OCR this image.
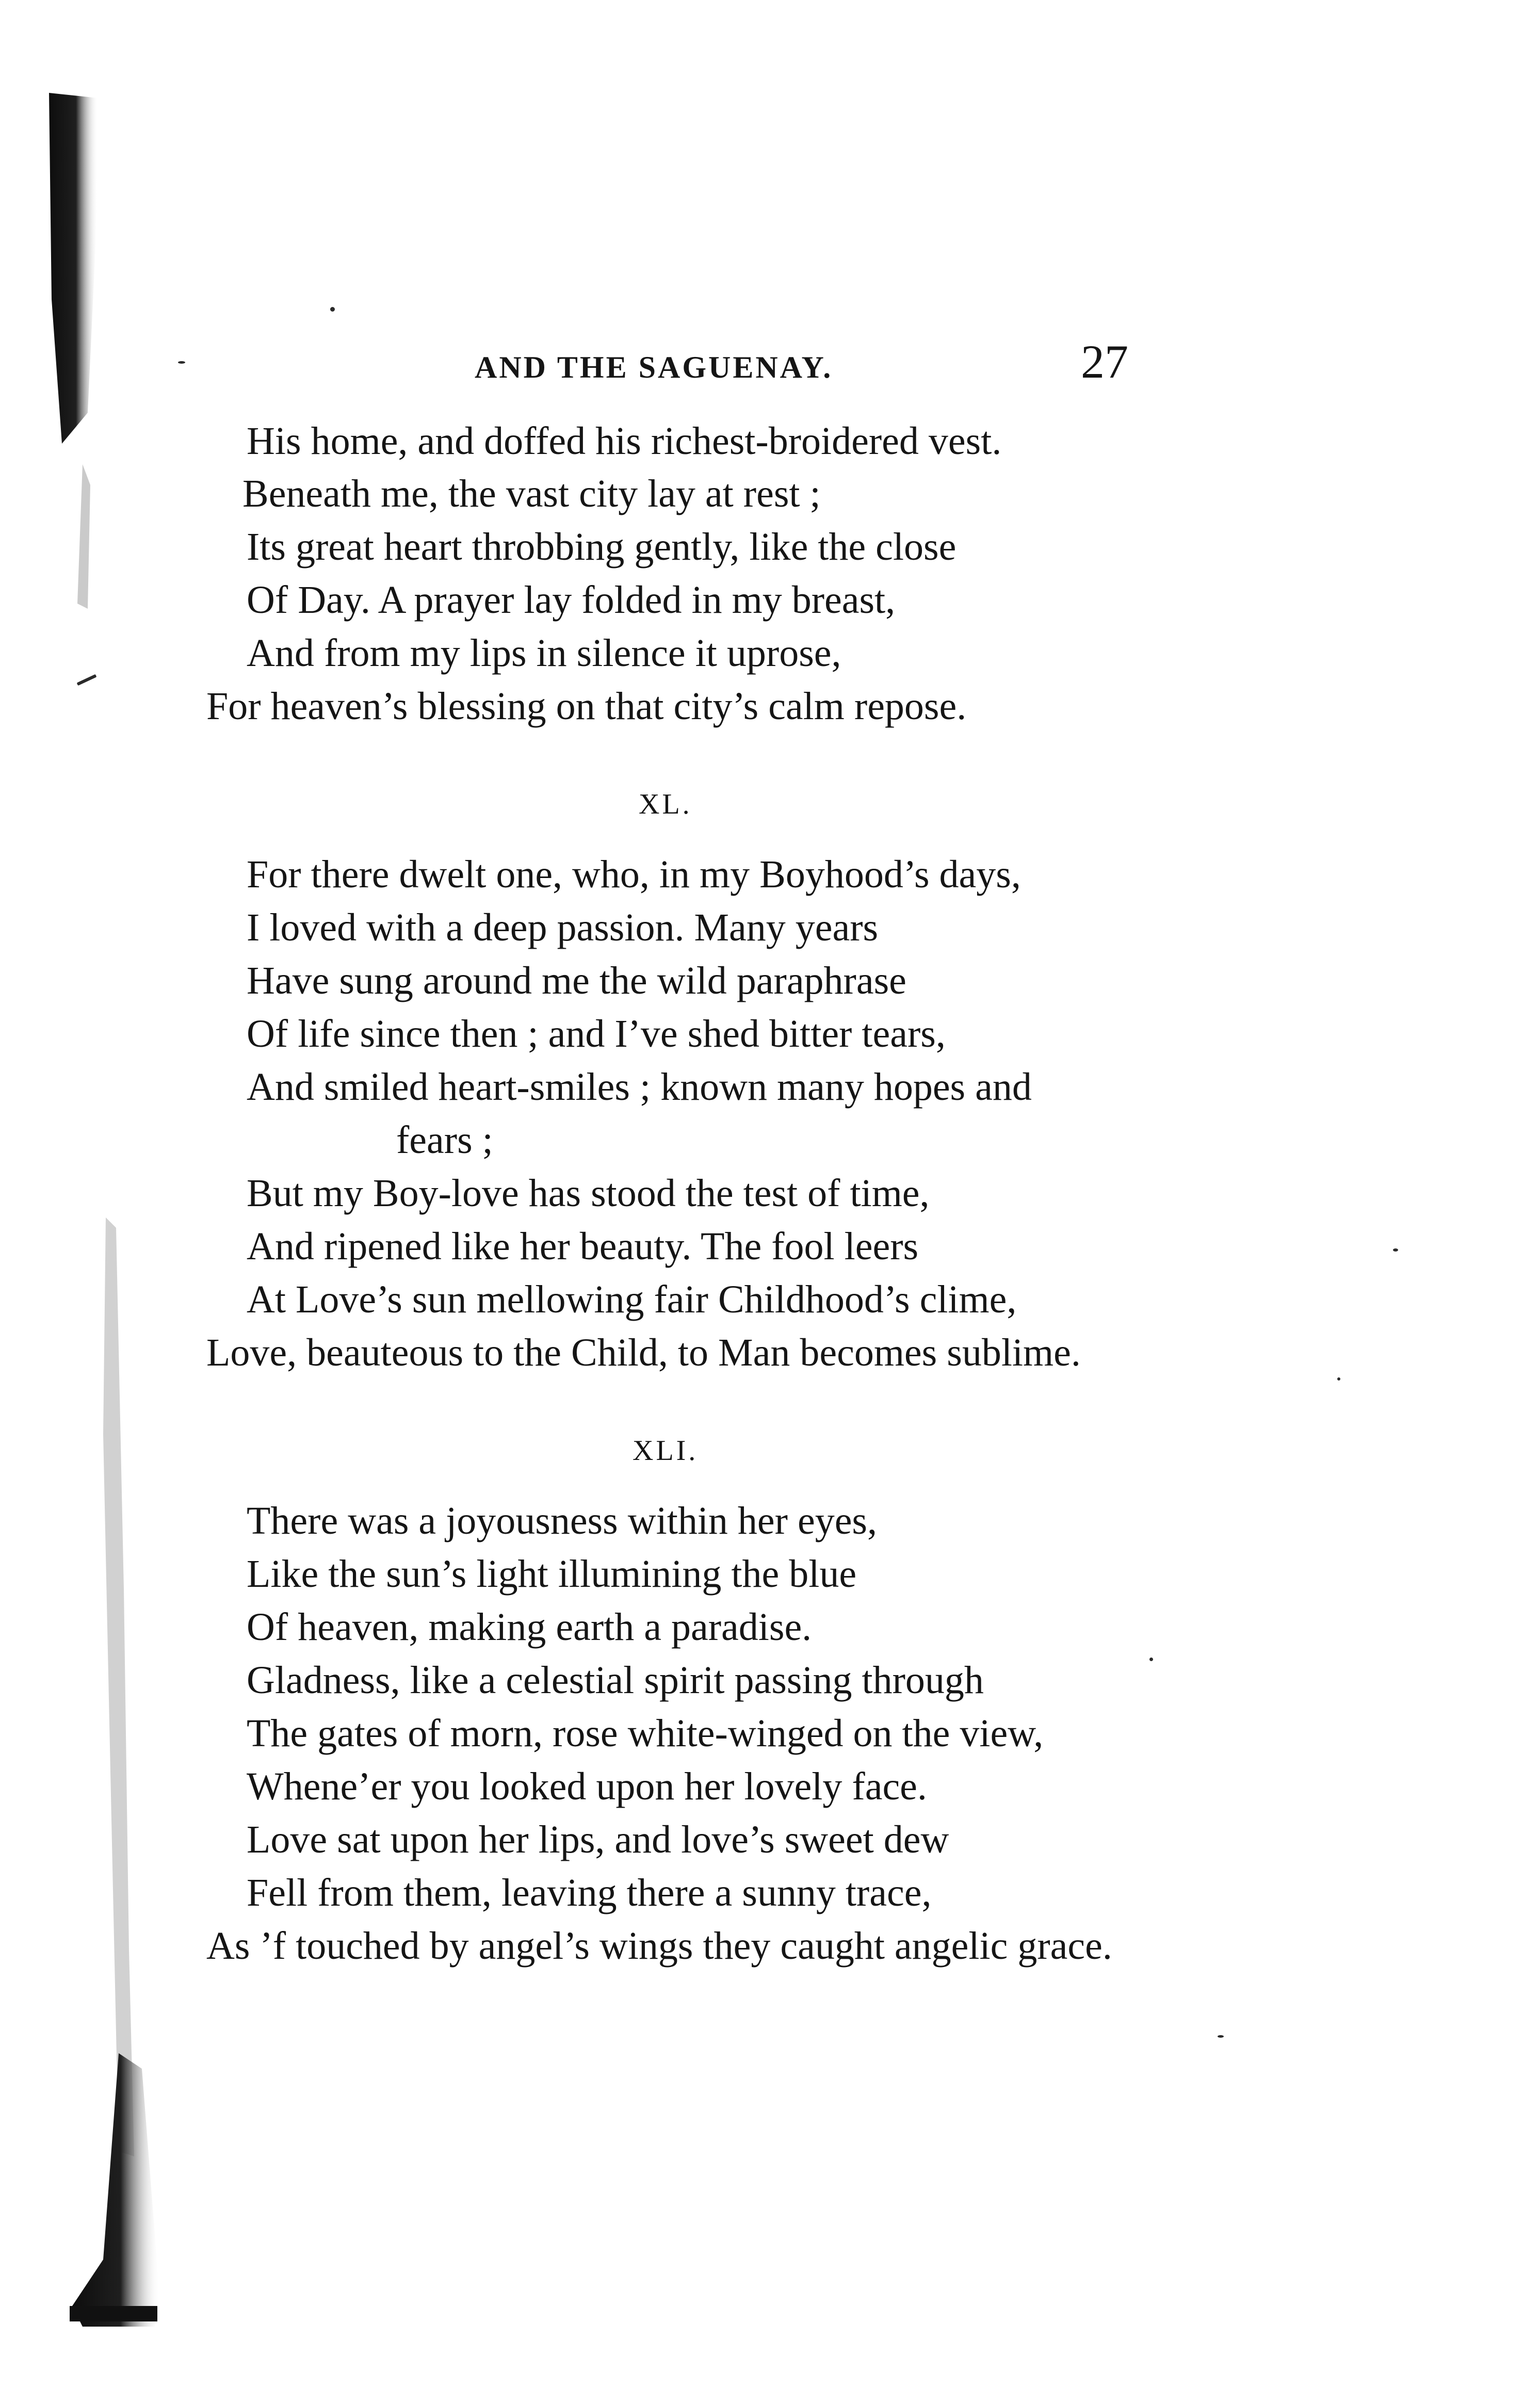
AND THE SAGUENAY.	27
His home, and doffed his richest-broidered vest.
Beneath me, the vast city lay at rest ;
Its great heart throbbing gently, like the close
Of Day. A prayer lay folded in my breast,
And from my lips in silence it uprose,
For heaven’s blessing on that city’s calm repose.
XL.
For there dwelt one, who, in my Boyhood’s days,
I loved with a deep passion. Many years
Have sung around me the wild paraphrase
Of life since then ; and I’ve shed bitter tears,
And smiled heart-smiles ; known many hopes and
fears ;
But my Boy-love has stood the test of time,
And ripened like her beauty. The fool leers
At Love’s sun mellowing fair Childhood’s clime,
Love, beauteous to the Child, to Man becomes sublime.
XLI.
There was a joyousness within her eyes,
Like the sun’s light illumining the blue
Of heaven, making earth a paradise.
Gladness, like a celestial spirit passing through
The gates of morn, rose white-winged on the view,
Whene’er you looked upon her lovely face.
Love sat upon her lips, and love’s sweet dew
Fell from them, leaving there a sunny trace,
As ’f touched by angel’s wings they caught angelic grace.
